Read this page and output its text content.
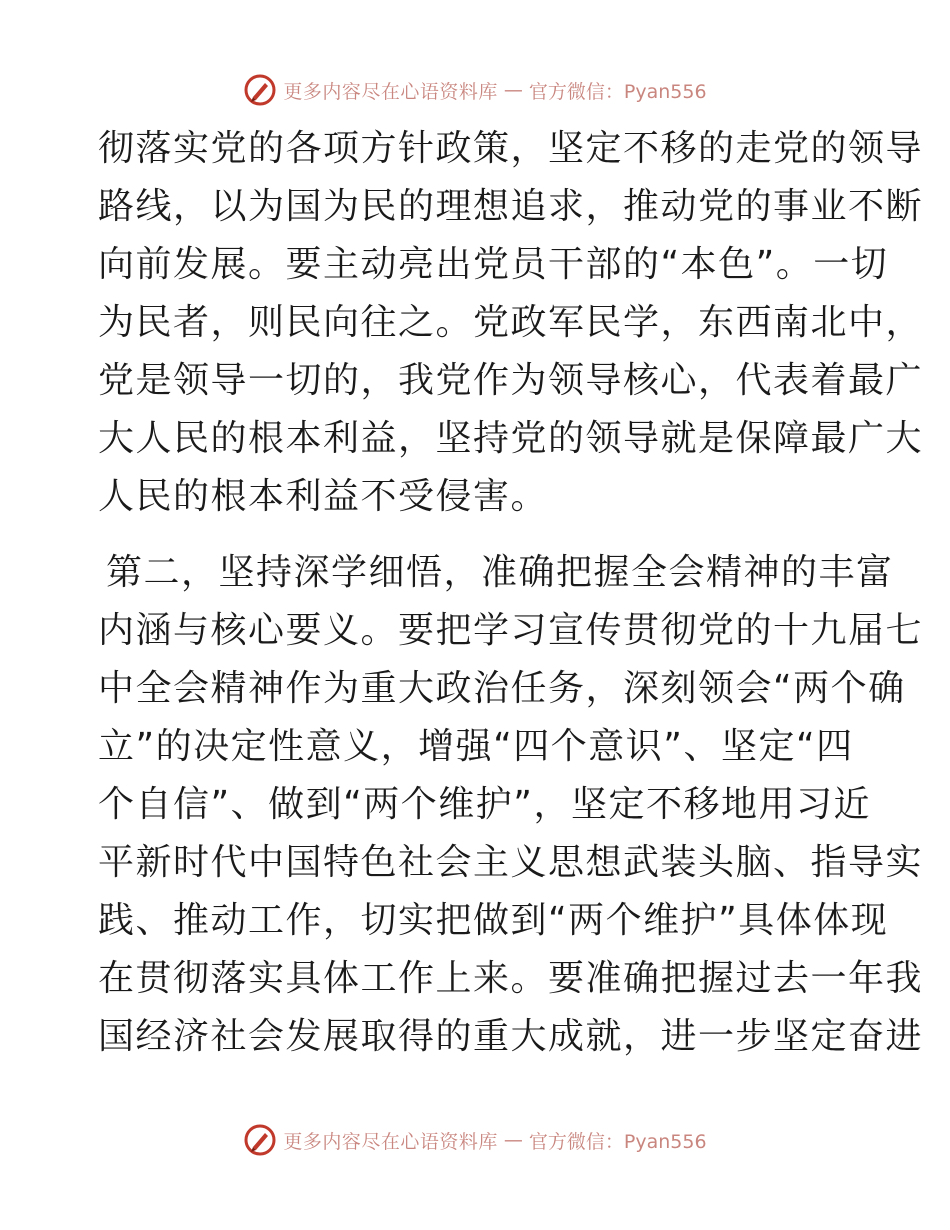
更多内容尽在心语资料库 — 官方微信：Pyan556
彻落实党的各项方针政策，坚定不移的走党的领导
路线，以为国为民的理想追求，推动党的事业不断
向前发展。要主动亮出党员干部的“本色”。一切
为民者，则民向往之。党政军民学，东西南北中，
党是领导一切的，我党作为领导核心，代表着最广
大人民的根本利益，坚持党的领导就是保障最广大
人民的根本利益不受侵害。
第二，坚持深学细悟，准确把握全会精神的丰富
内涵与核心要义。要把学习宣传贯彻党的十九届七
中全会精神作为重大政治任务，深刻领会“两个确
立”的决定性意义，增强“四个意识”、坚定“四
个自信”、做到“两个维护”，坚定不移地用习近
平新时代中国特色社会主义思想武装头脑、指导实
践、推动工作，切实把做到“两个维护”具体体现
在贯彻落实具体工作上来。要准确把握过去一年我
国经济社会发展取得的重大成就，进一步坚定奋进
更多内容尽在心语资料库 — 官方微信：Pyan556
